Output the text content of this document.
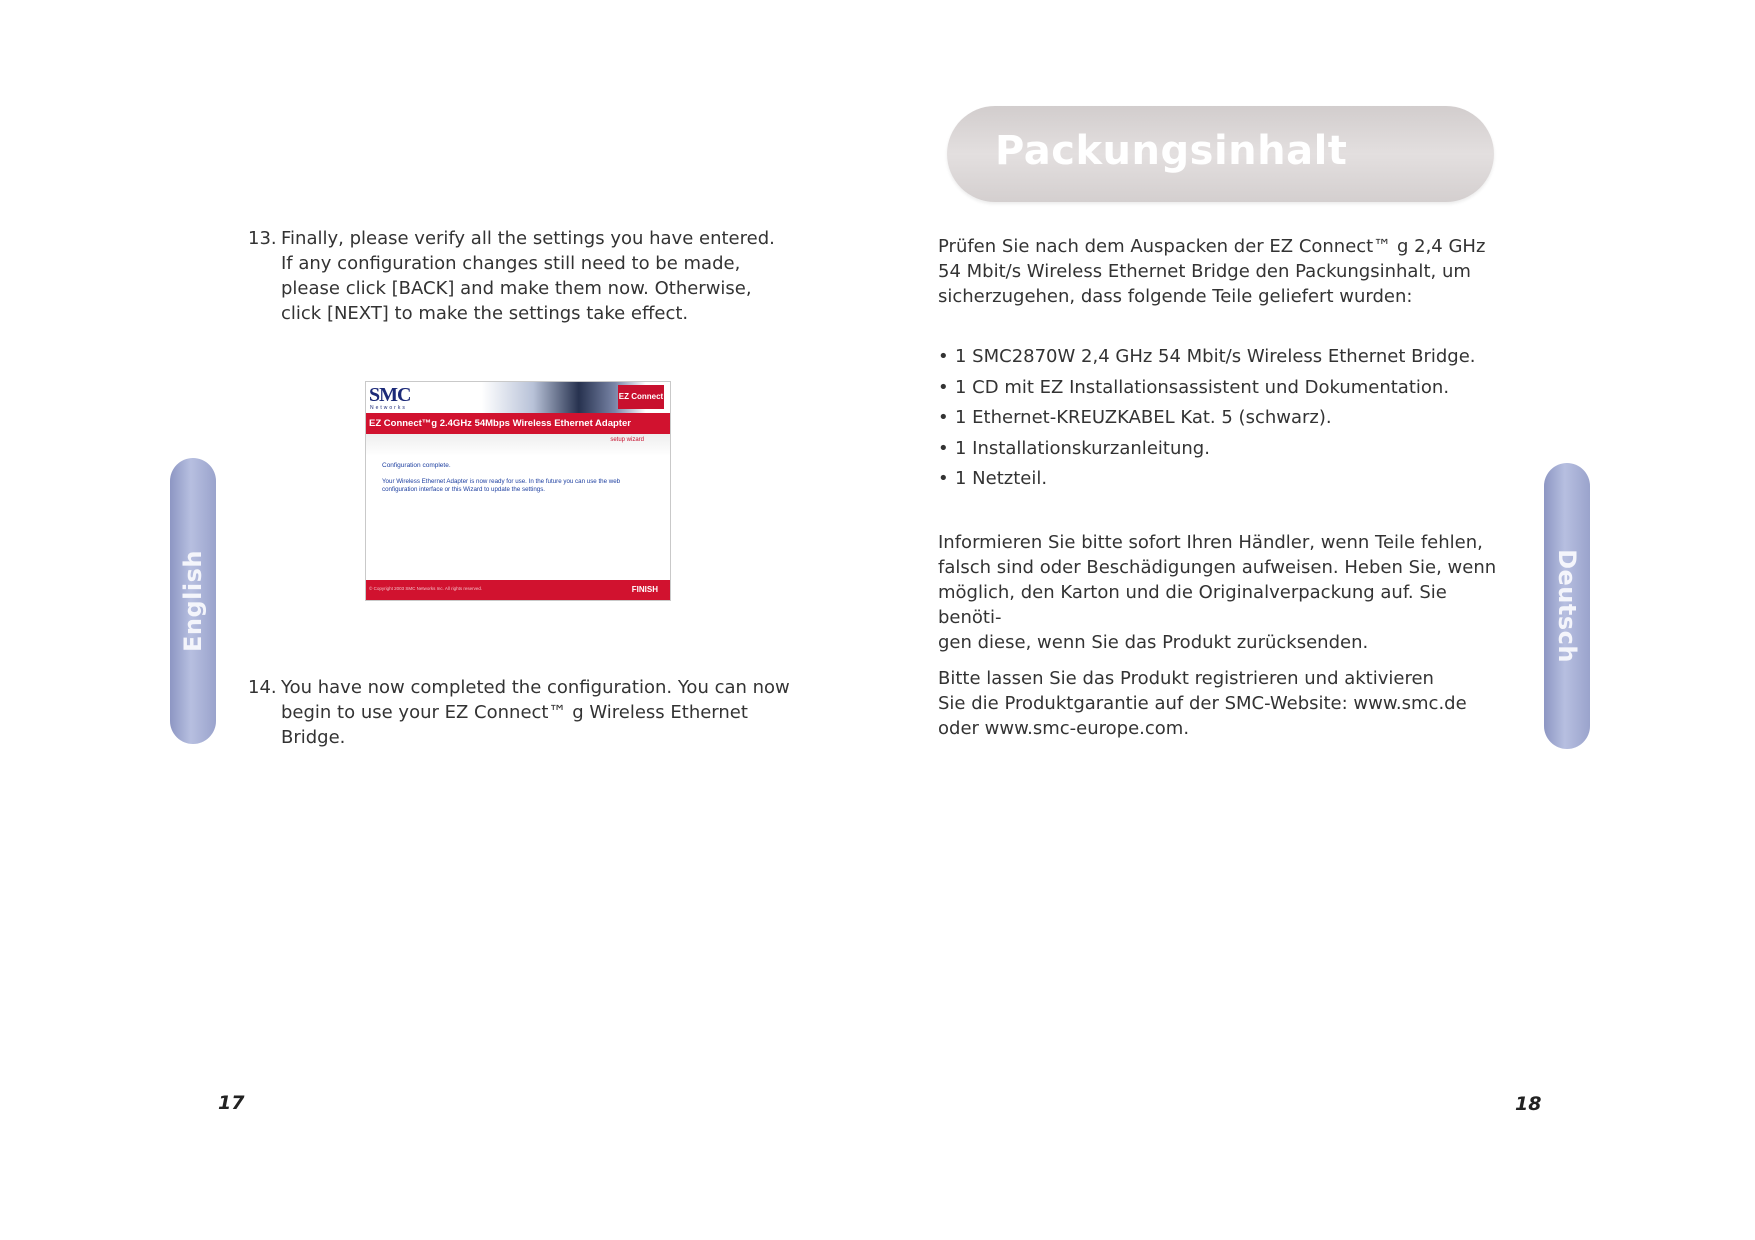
English
13. Finally, please verify all the settings you have entered.
If any configuration changes still need to be made,
please click [BACK] and make them now. Otherwise,
click [NEXT] to make the settings take effect.
SMC
Networks
EZ Connect
EZ Connect™g 2.4GHz 54Mbps Wireless Ethernet Adapter
setup wizard
Configuration complete.
Your Wireless Ethernet Adapter is now ready for use. In the future you can use the web configuration interface or this Wizard to update the settings.
© Copyright 2003 SMC Networks Inc. All rights reserved.	FINISH
14. You have now completed the configuration. You can now
begin to use your EZ Connect™ g Wireless Ethernet Bridge.
17
Packungsinhalt

Prüfen Sie nach dem Auspacken der EZ Connect™ g 2,4 GHz
54 Mbit/s Wireless Ethernet Bridge den Packungsinhalt, um
sicherzugehen, dass folgende Teile geliefert wurden:

• 1 SMC2870W 2,4 GHz 54 Mbit/s Wireless Ethernet Bridge.
• 1 CD mit EZ Installationsassistent und Dokumentation.
• 1 Ethernet-KREUZKABEL Kat. 5 (schwarz).
• 1 Installationskurzanleitung.
• 1 Netzteil.

Informieren Sie bitte sofort Ihren Händler, wenn Teile fehlen,
falsch sind oder Beschädigungen aufweisen. Heben Sie, wenn
möglich, den Karton und die Originalverpackung auf. Sie benöti-
gen diese, wenn Sie das Produkt zurücksenden.

Bitte lassen Sie das Produkt registrieren und aktivieren
Sie die Produktgarantie auf der SMC-Website: www.smc.de
oder www.smc-europe.com.

Deutsch
18
